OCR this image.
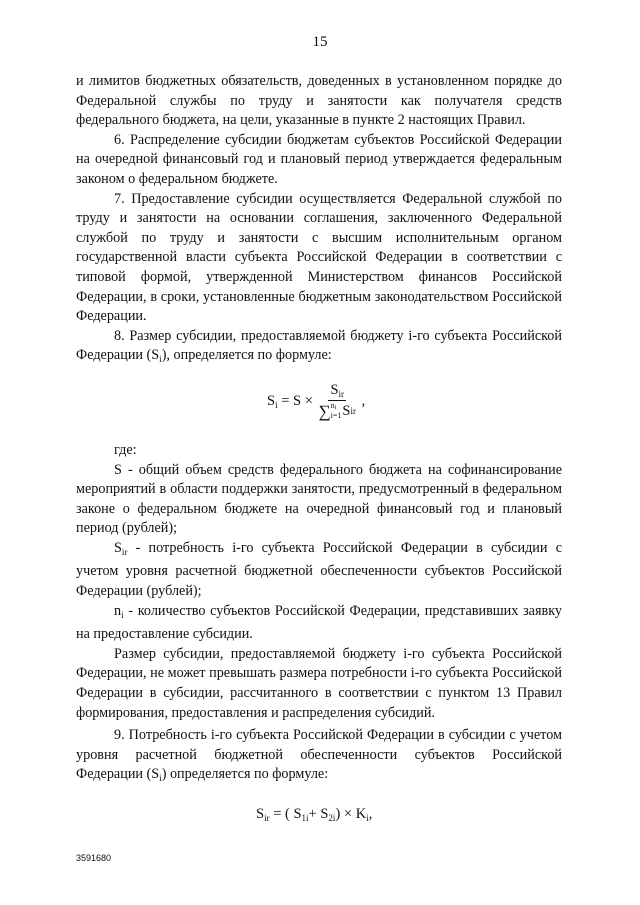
15

и лимитов бюджетных обязательств, доведенных в установленном порядке до Федеральной службы по труду и занятости как получателя средств федерального бюджета, на цели, указанные в пункте 2 настоящих Правил.

6. Распределение субсидии бюджетам субъектов Российской Федерации на очередной финансовый год и плановый период утверждается федеральным законом о федеральном бюджете.

7. Предоставление субсидии осуществляется Федеральной службой по труду и занятости на основании соглашения, заключенного Федеральной службой по труду и занятости с высшим исполнительным органом государственной власти субъекта Российской Федерации в соответствии с типовой формой, утвержденной Министерством финансов Российской Федерации, в сроки, установленные бюджетным законодательством Российской Федерации.

8. Размер субсидии, предоставляемой бюджету i-го субъекта Российской Федерации $(S_i)$, определяется по формуле:

где:

S - общий объем средств федерального бюджета на софинансирование мероприятий в области поддержки занятости, предусмотренный в федеральном законе о федеральном бюджете на очередной финансовый год и плановый период (рублей);

$S_{ir}$ - потребность i-го субъекта Российской Федерации в субсидии с учетом уровня расчетной бюджетной обеспеченности субъектов Российской Федерации (рублей);

$n_i$ - количество субъектов Российской Федерации, представивших заявку на предоставление субсидии.

Размер субсидии, предоставляемой бюджету i-го субъекта Российской Федерации, не может превышать размера потребности i-го субъекта Российской Федерации в субсидии, рассчитанного в соответствии с пунктом 13 Правил формирования, предоставления и распределения субсидий.

9. Потребность i-го субъекта Российской Федерации в субсидии с учетом уровня расчетной бюджетной обеспеченности субъектов Российской Федерации $(S_i)$ определяется по формуле:

$S_i = S \times S_{ir}$
∑ $n_i$
i=1 S ir ,
$S_{ir}$ = ( $S_{1i}+ S_{2i}) \times K_i$,
3591680
